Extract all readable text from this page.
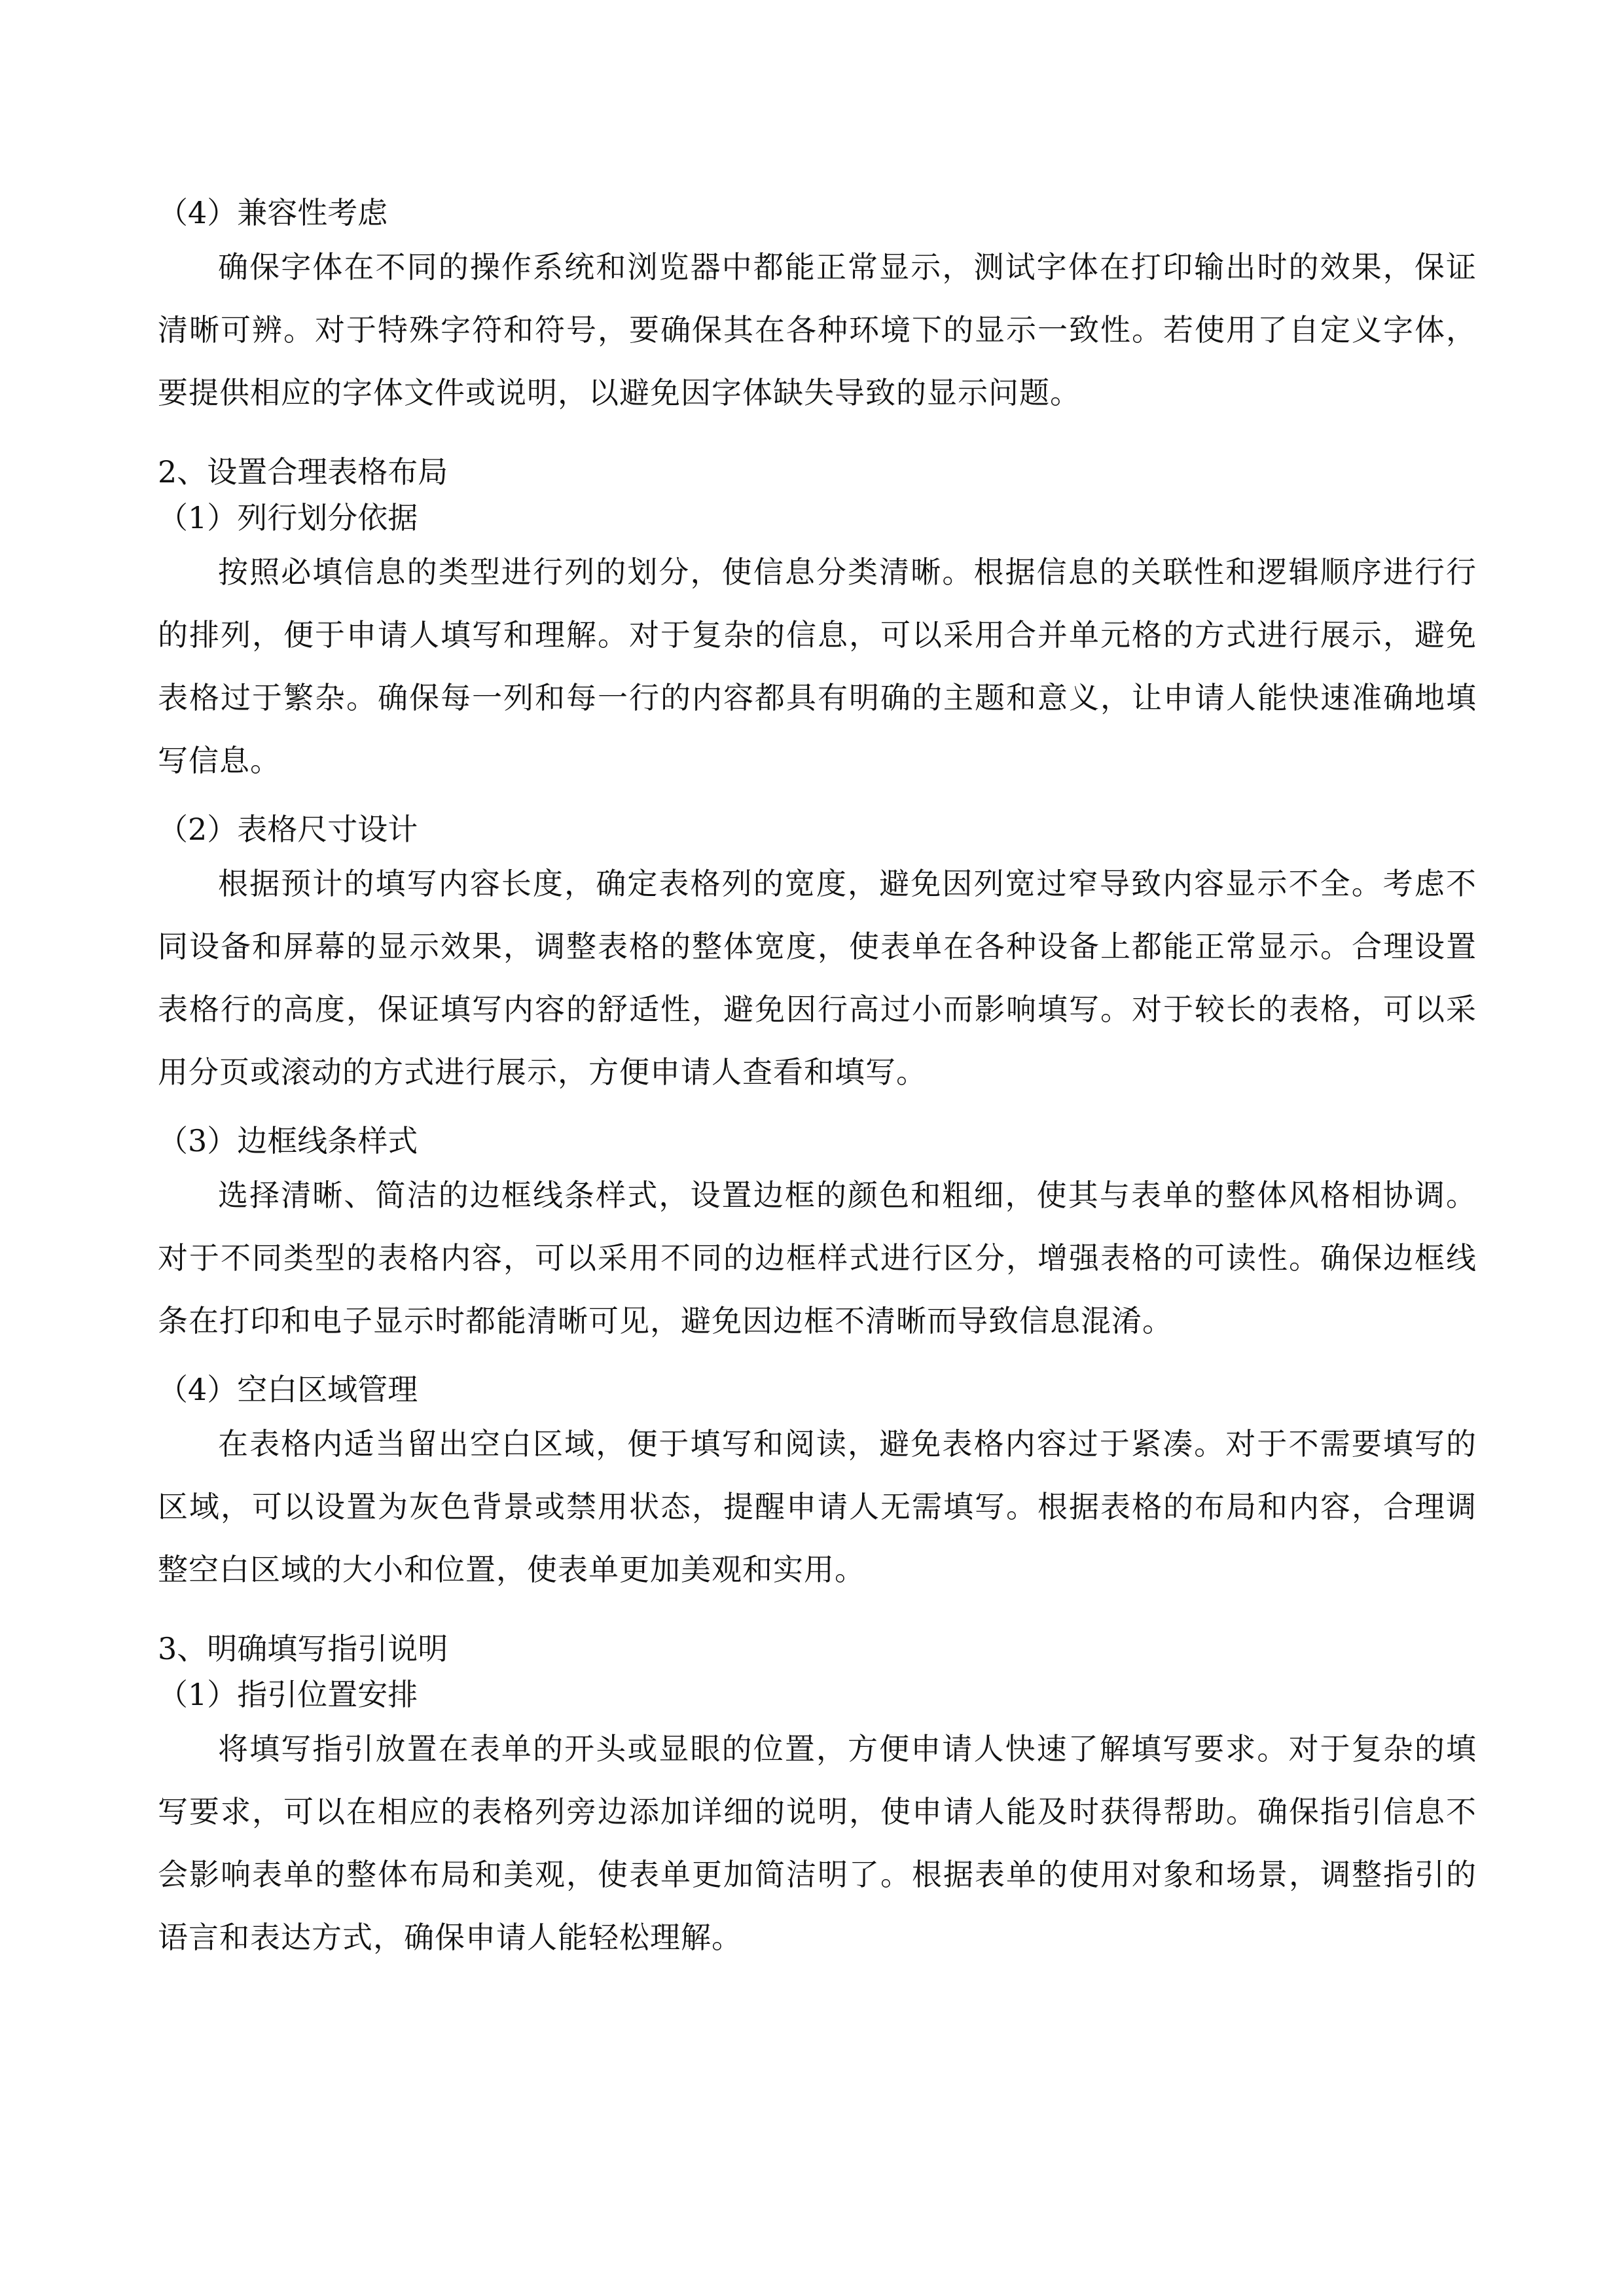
（4）兼容性考虑

确保字体在不同的操作系统和浏览器中都能正常显示，测试字体在打印输出时的效果，保证清晰可辨。对于特殊字符和符号，要确保其在各种环境下的显示一致性。若使用了自定义字体，要提供相应的字体文件或说明，以避免因字体缺失导致的显示问题。

2、设置合理表格布局
（1）列行划分依据

按照必填信息的类型进行列的划分，使信息分类清晰。根据信息的关联性和逻辑顺序进行行的排列，便于申请人填写和理解。对于复杂的信息，可以采用合并单元格的方式进行展示，避免表格过于繁杂。确保每一列和每一行的内容都具有明确的主题和意义，让申请人能快速准确地填写信息。

（2）表格尺寸设计

根据预计的填写内容长度，确定表格列的宽度，避免因列宽过窄导致内容显示不全。考虑不同设备和屏幕的显示效果，调整表格的整体宽度，使表单在各种设备上都能正常显示。合理设置表格行的高度，保证填写内容的舒适性，避免因行高过小而影响填写。对于较长的表格，可以采用分页或滚动的方式进行展示，方便申请人查看和填写。

（3）边框线条样式

选择清晰、简洁的边框线条样式，设置边框的颜色和粗细，使其与表单的整体风格相协调。对于不同类型的表格内容，可以采用不同的边框样式进行区分，增强表格的可读性。确保边框线条在打印和电子显示时都能清晰可见，避免因边框不清晰而导致信息混淆。

（4）空白区域管理

在表格内适当留出空白区域，便于填写和阅读，避免表格内容过于紧凑。对于不需要填写的区域，可以设置为灰色背景或禁用状态，提醒申请人无需填写。根据表格的布局和内容，合理调整空白区域的大小和位置，使表单更加美观和实用。

3、明确填写指引说明
（1）指引位置安排

将填写指引放置在表单的开头或显眼的位置，方便申请人快速了解填写要求。对于复杂的填写要求，可以在相应的表格列旁边添加详细的说明，使申请人能及时获得帮助。确保指引信息不会影响表单的整体布局和美观，使表单更加简洁明了。根据表单的使用对象和场景，调整指引的语言和表达方式，确保申请人能轻松理解。
